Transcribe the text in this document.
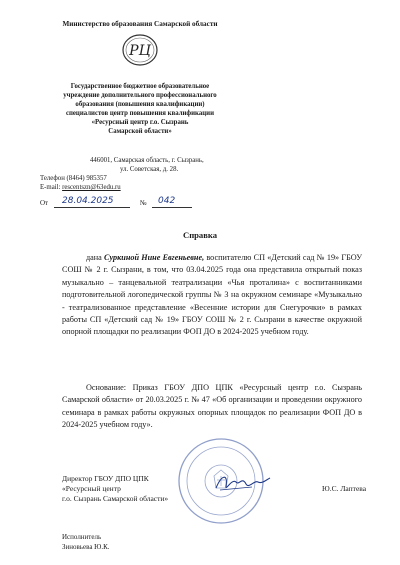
Министерство образования Самарской области
РЦ
Государственное бюджетное образовательное
учреждение дополнительного профессионального
образования (повышения квалификации)
специалистов центр повышения квалификации
«Ресурсный центр г.о. Сызрань
Самарской области»
446001, Самарская область, г. Сызрань,
ул. Советская, д. 28.
Телефон (8464) 985357
E-mail: rescentszn@63edu.ru
От 28.04.2025	№ 042
Справка
дана Суркиной Нине Евгеньевне, воспитателю СП «Детский сад № 19» ГБОУ СОШ № 2 г. Сызрани, в том, что 03.04.2025 года она представила открытый показ музыкально – танцевальной театрализации «Чья проталина» с воспитанниками подготовительной логопедической группы № 3 на окружном семинаре «Музыкально - театрализованное представление «Весенние истории для Снегурочки» в рамках работы СП «Детский сад № 19» ГБОУ СОШ № 2 г. Сызрани в качестве окружной опорной площадки по реализации ФОП ДО в 2024-2025 учебном году.
Основание: Приказ ГБОУ ДПО ЦПК «Ресурсный центр г.о. Сызрань Самарской области» от 20.03.2025 г. № 47 «Об организации и проведении окружного семинара в рамках работы окружных опорных площадок по реализации ФОП ДО в 2024-2025 учебном году».
Директор ГБОУ ДПО ЦПК
«Ресурсный центр
г.о. Сызрань Самарской области»
Ю.С. Лаптева
Исполнитель
Зиновьева Ю.К.
